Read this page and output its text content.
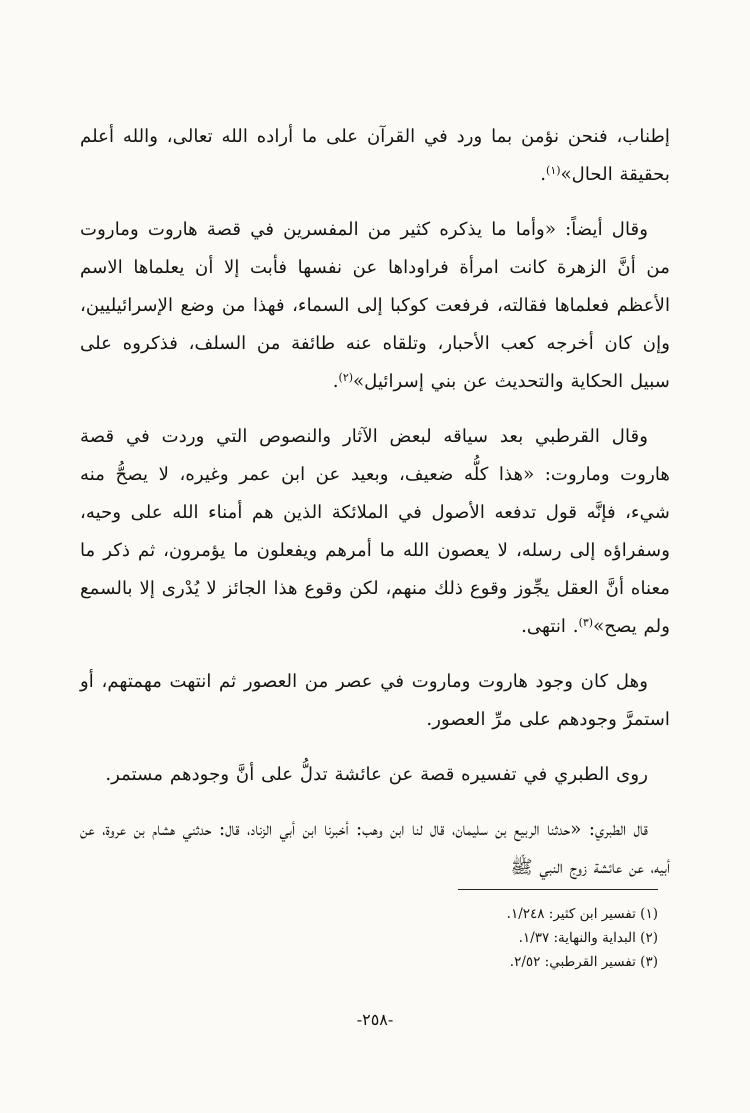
إطناب، فنحن نؤمن بما ورد في القرآن على ما أراده الله تعالى، والله أعلم بحقيقة الحال»$^{(١)}$.

وقال أيضاً: «وأما ما يذكره كثير من المفسرين في قصة هاروت وماروت من أنَّ الزهرة كانت امرأة فراوداها عن نفسها فأبت إلا أن يعلماها الاسم الأعظم فعلماها فقالته، فرفعت كوكبا إلى السماء، فهذا من وضع الإسرائيليين، وإن كان أخرجه كعب الأحبار، وتلقاه عنه طائفة من السلف، فذكروه على سبيل الحكاية والتحديث عن بني إسرائيل»$^{(٢)}$.

وقال القرطبي بعد سياقه لبعض الآثار والنصوص التي وردت في قصة هاروت وماروت: «هذا كلُّه ضعيف، وبعيد عن ابن عمر وغيره، لا يصحُّ منه شيء، فإنَّه قول تدفعه الأصول في الملائكة الذين هم أمناء الله على وحيه، وسفراؤه إلى رسله، لا يعصون الله ما أمرهم ويفعلون ما يؤمرون، ثم ذكر ما معناه أنَّ العقل يجِّوز وقوع ذلك منهم، لكن وقوع هذا الجائز لا يُدْرى إلا بالسمع ولم يصح»$^{(٣)}$. انتهى.

وهل كان وجود هاروت وماروت في عصر من العصور ثم انتهت مهمتهم، أو استمرَّ وجودهم على مرِّ العصور.

روى الطبري في تفسيره قصة عن عائشة تدلُّ على أنَّ وجودهم مستمر.

قال الطبري: «حدثنا الربيع بن سليمان، قال لنا ابن وهب: أخبرنا ابن أبي الزناد، قال: حدثني هشام بن عروة، عن أبيه، عن عائشة زوج النبي ﷺ

(١) تفسير ابن كثير: ١/٢٤٨.
(٢) البداية والنهاية: ١/٣٧.
(٣) تفسير القرطبي: ٢/٥٢.
-٢٥٨-
